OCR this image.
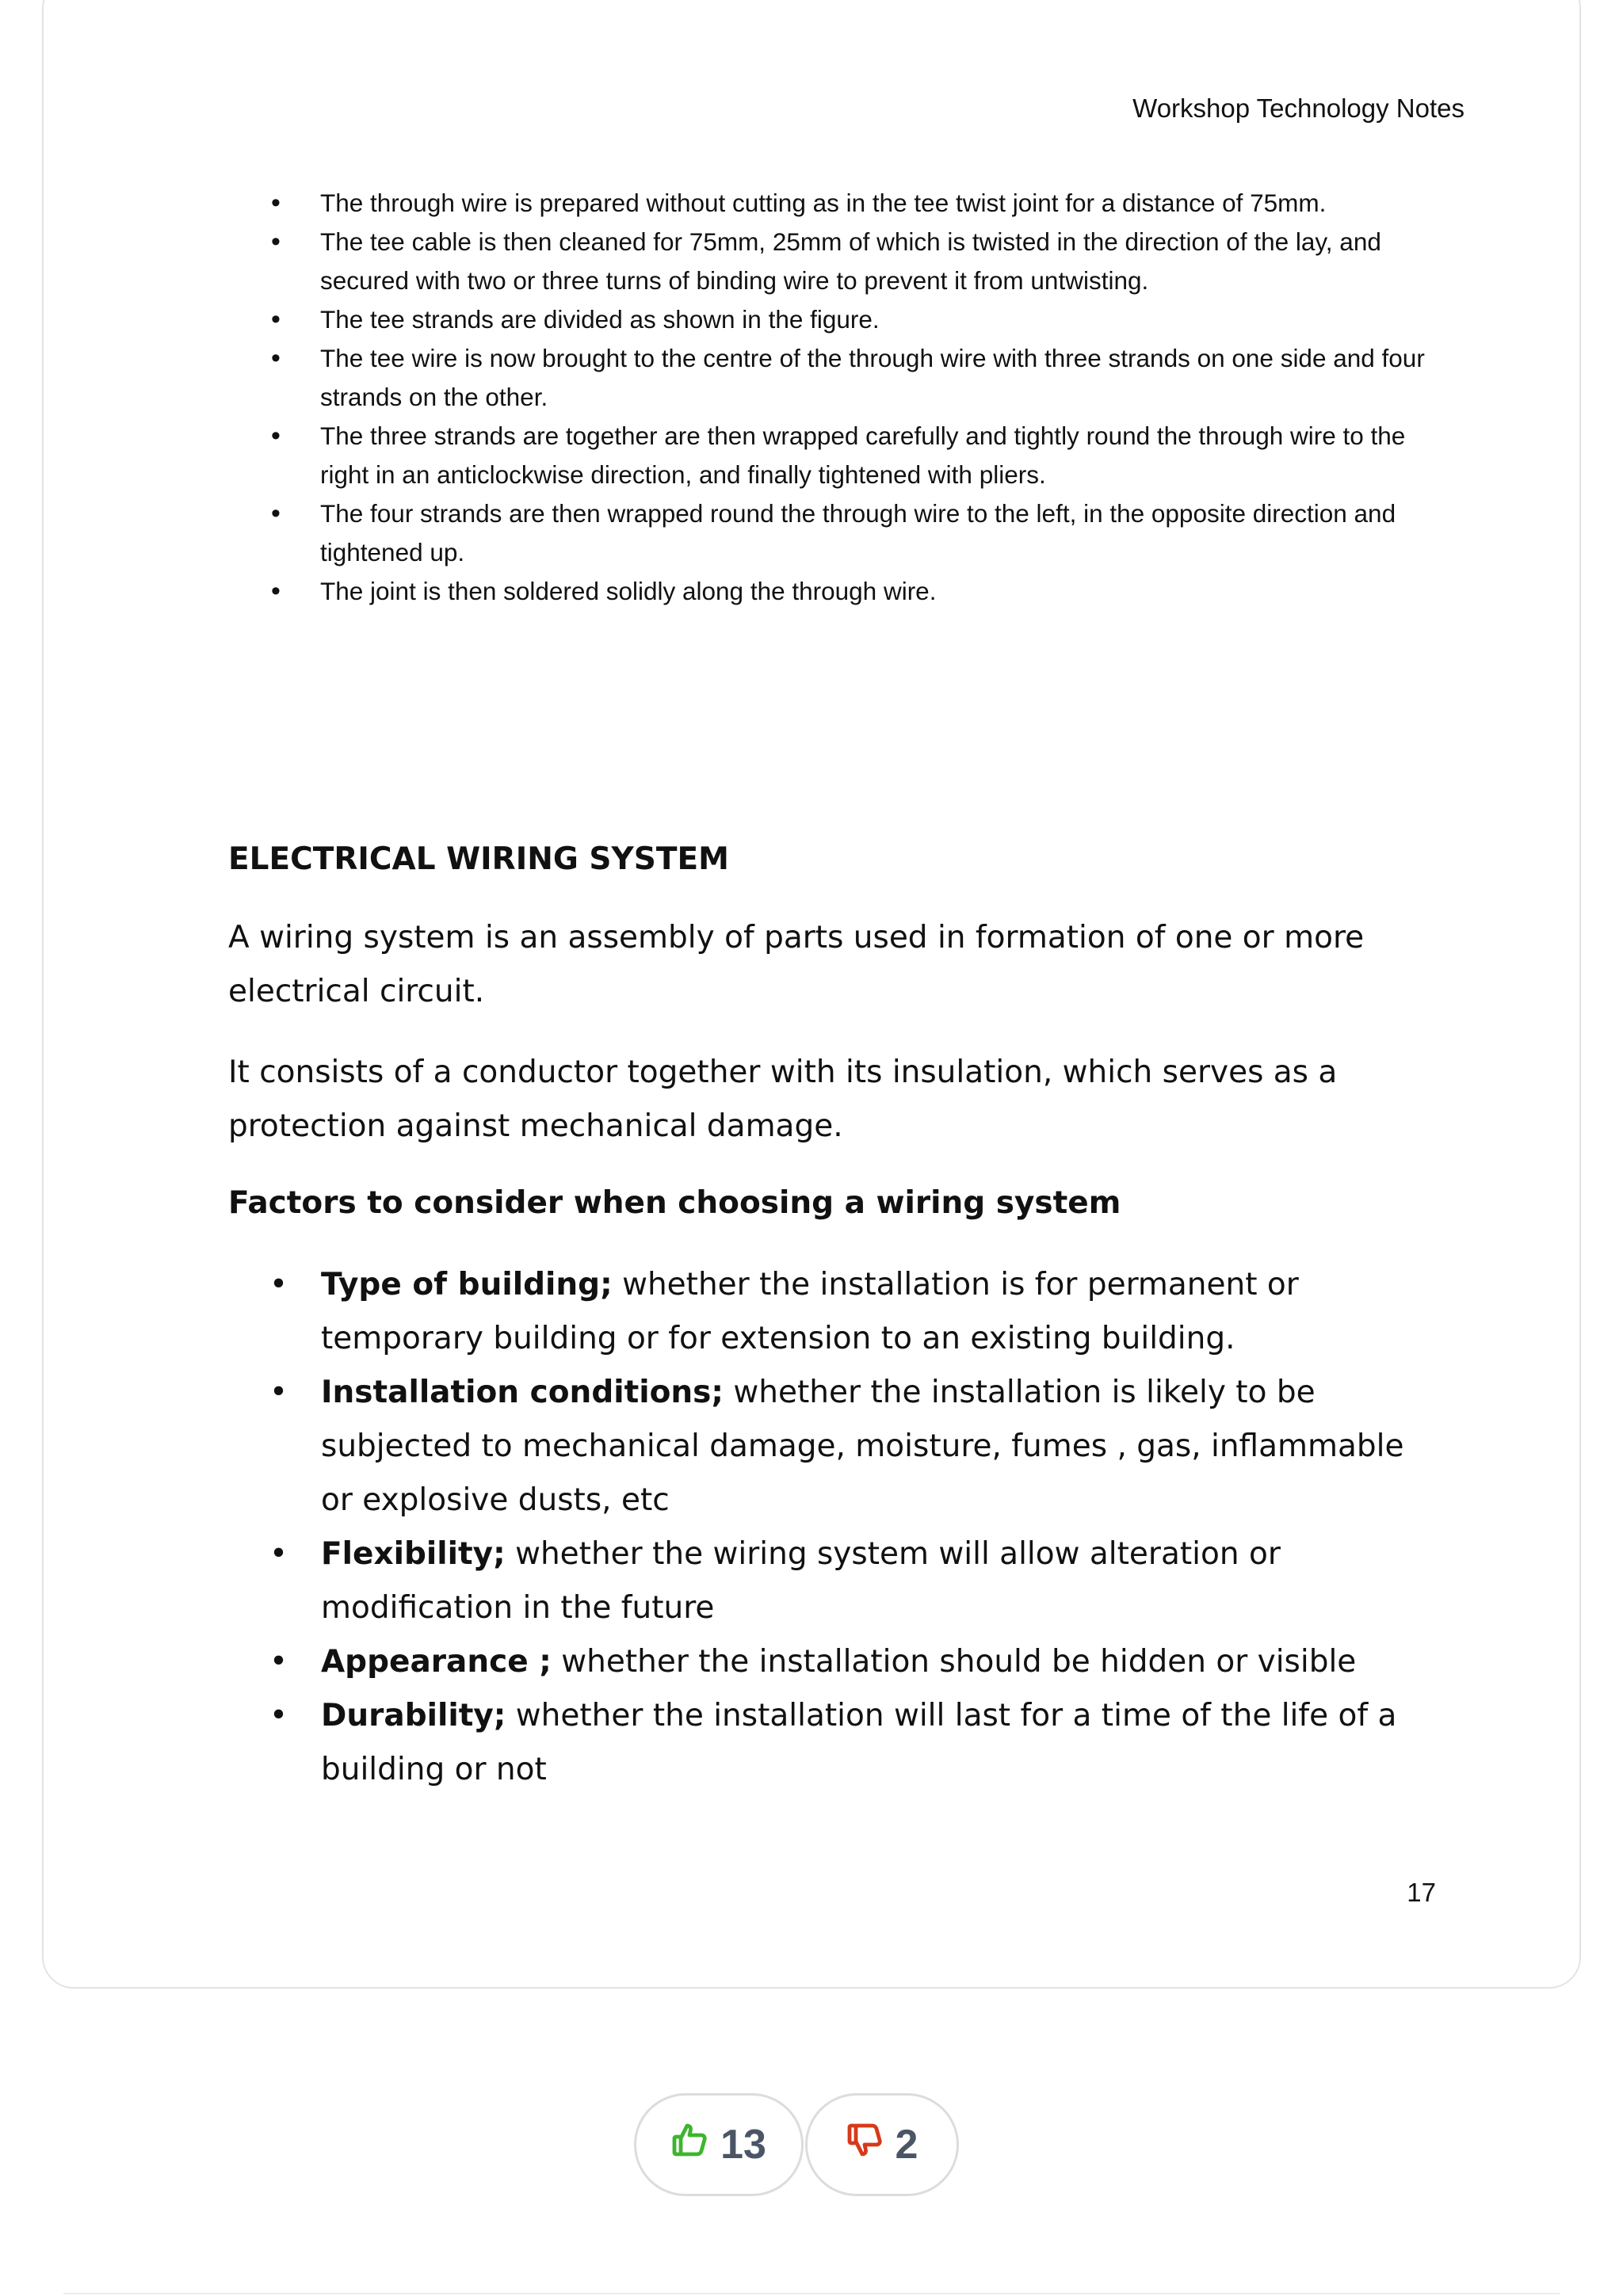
Workshop Technology Notes
• The through wire is prepared without cutting as in the tee twist joint for a distance of 75mm.
• The tee cable is then cleaned for 75mm, 25mm of which is twisted in the direction of the lay, and secured with two or three turns of binding wire to prevent it from untwisting.
• The tee strands are divided as shown in the figure.
• The tee wire is now brought to the centre of the through wire with three strands on one side and four strands on the other.
• The three strands are together are then wrapped carefully and tightly round the through wire to the right in an anticlockwise direction, and finally tightened with pliers.
• The four strands are then wrapped round the through wire to the left, in the opposite direction and tightened up.
• The joint is then soldered solidly along the through wire.
ELECTRICAL WIRING SYSTEM

A wiring system is an assembly of parts used in formation of one or more electrical circuit.

It consists of a conductor together with its insulation, which serves as a protection against mechanical damage.

Factors to consider when choosing a wiring system
• Type of building; whether the installation is for permanent or temporary building or for extension to an existing building.
• Installation conditions; whether the installation is likely to be subjected to mechanical damage, moisture, fumes , gas, inflammable or explosive dusts, etc
• Flexibility; whether the wiring system will allow alteration or modification in the future
• Appearance ; whether the installation should be hidden or visible
• Durability; whether the installation will last for a time of the life of a building or not
17
13	2
